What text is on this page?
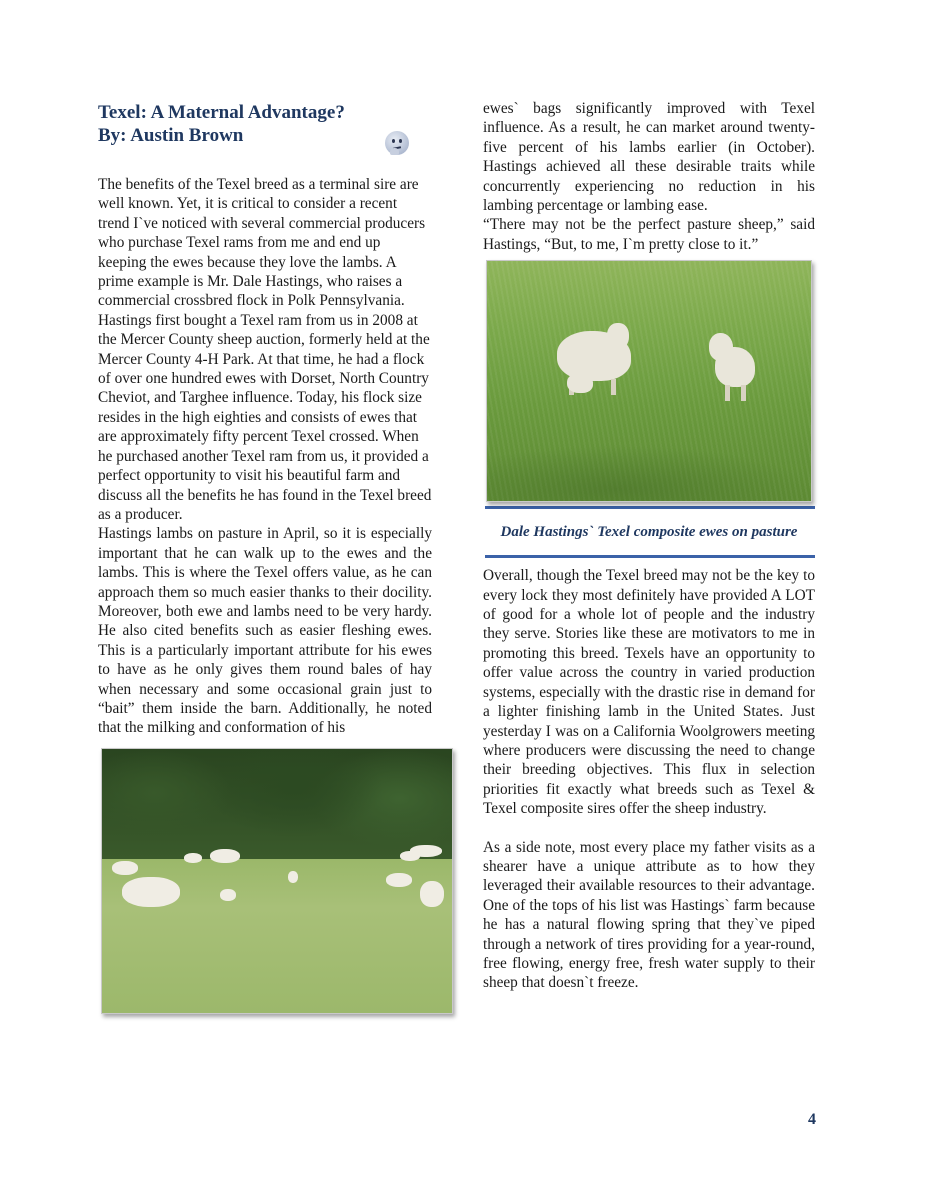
Texel: A Maternal Advantage?

By: Austin Brown

The benefits of the Texel breed as a terminal sire are well known. Yet, it is critical to consider a recent trend I`ve noticed with several commercial producers who purchase Texel rams from me and end up keeping the ewes because they love the lambs. A prime example is Mr. Dale Hastings, who raises a commercial crossbred flock in Polk Pennsylvania. Hastings first bought a Texel ram from us in 2008 at the Mercer County sheep auction, formerly held at the Mercer County 4-H Park. At that time, he had a flock of over one hundred ewes with Dorset, North Country Cheviot, and Targhee influence. Today, his flock size resides in the high eighties and consists of ewes that are approximately fifty percent Texel crossed. When he purchased another Texel ram from us, it provided a perfect opportunity to visit his beautiful farm and discuss all the benefits he has found in the Texel breed as a producer.

Hastings lambs on pasture in April, so it is especially important that he can walk up to the ewes and the lambs. This is where the Texel offers value, as he can approach them so much easier thanks to their docility. Moreover, both ewe and lambs need to be very hardy. He also cited benefits such as easier fleshing ewes. This is a particularly important attribute for his ewes to have as he only gives them round bales of hay when necessary and some occasional grain just to “bait” them inside the barn. Additionally, he noted that the milking and conformation of his

ewes` bags significantly improved with Texel influence. As a result, he can market around twenty-five percent of his lambs earlier (in October). Hastings achieved all these desirable traits while concurrently experiencing no reduction in his lambing percentage or lambing ease.

“There may not be the perfect pasture sheep,” said Hastings, “But, to me, I`m pretty close to it.”

Dale Hastings` Texel composite ewes on pasture

Overall, though the Texel breed may not be the key to every lock they most definitely have provided A LOT of good for a whole lot of people and the industry they serve. Stories like these are motivators to me in promoting this breed. Texels have an opportunity to offer value across the country in varied production systems, especially with the drastic rise in demand for a lighter finishing lamb in the United States. Just yesterday I was on a California Woolgrowers meeting where producers were discussing the need to change their breeding objectives. This flux in selection priorities fit exactly what breeds such as Texel & Texel composite sires offer the sheep industry.

As a side note, most every place my father visits as a shearer have a unique attribute as to how they leveraged their available resources to their advantage. One of the tops of his list was Hastings` farm because he has a natural flowing spring that they`ve piped through a network of tires providing for a year-round, free flowing, energy free, fresh water supply to their sheep that doesn`t freeze.

4
